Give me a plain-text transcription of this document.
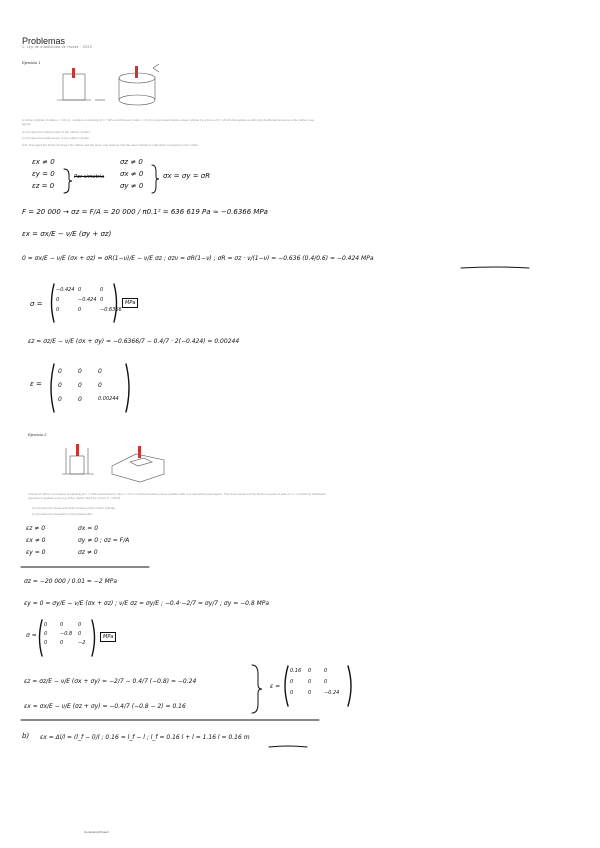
Problemas
1. Ley de elasticidad de Hooke · 2023
Ejercicio 1
A rubber cylinder of radius r = 20 cm, modulus of elasticity E = 7 GPa and Poisson's ratio ν = 0.4 is compressed inside a steel cylinder by a force of F = 20 kN that applies a uniformly distributed pressure to the rubber (see figure).
a) Compute the stress tensor of the rubber cylinder.
b) Compute the strain tensor of the rubber cylinder.
Hint: Disregard the friction between the rubber and the steel, and assume that the steel cylinder is rigid when compared to the rubber.
εx ≠ 0
εy = 0
εz = 0
Por simetría
σz ≠ 0
σx ≠ 0
σy ≠ 0
σx = σy = σR
F = 20 000 → σz = F/A = 20 000 / π0.1² = 636 619 Pa ≈ −0.6366 MPa
εx = σx/E − ν/E (σy + σz)
0 = σx/E − ν/E (σx + σz) = σR(1−ν)/E − ν/E σz ; σzν = σR(1−ν) ; σR = σz · ν/(1−ν) = −0.636 (0.4/0.6) = −0.424 MPa
σ =
−0.424 0	0
0	−0.424 0
0	0	−0.6366
MPa
εz = σz/E − ν/E (σx + σy) = −0.6366/7 − 0.4/7 · 2(−0.424) = 0.00244
ε =
0	0	0
0	0	0
0	0	0.00244
Ejercicio 2
A block of rubber of modulus of elasticity E = 7 GPa and Poisson's ratio ν = 0.4 is confined between three parallel walls of a steel block (see figure). The cross-section of the block is square of side 0.1 m. A uniformly distributed pressure is applied to the top of the rubber block by a force F = 20 kN.
a) Compute the stress and strain tensors of the rubber cylinder.
b) Compute the elongation of the block buffer.
εz ≠ 0
εx ≠ 0
εy = 0
σx = 0
σy ≠ 0 ; σz = F/A
σz ≠ 0
σz = −20 000 / 0.01 = −2 MPa
εy = 0 = σy/E − ν/E (σx + σz) ; ν/E σz = σy/E ; −0.4·−2/7 = σy/7 ; σy = −0.8 MPa
σ =
0	0	0
0	−0.8	0
0	0	−2
MPa
εz = σz/E − ν/E (σx + σy) = −2/7 − 0.4/7 (−0.8) = −0.24
εx = σx/E − ν/E (σz + σy) = −0.4/7 (−0.8 − 2) = 0.16
ε =
0.16	0	0
0	0	0
0	0	−0.24
b) εx = Δl/l = (l_f − l)/l ; 0.16 = l_f − l ; l_f = 0.16 l + l = 1.16 l = 0.16 m
Computing Project
